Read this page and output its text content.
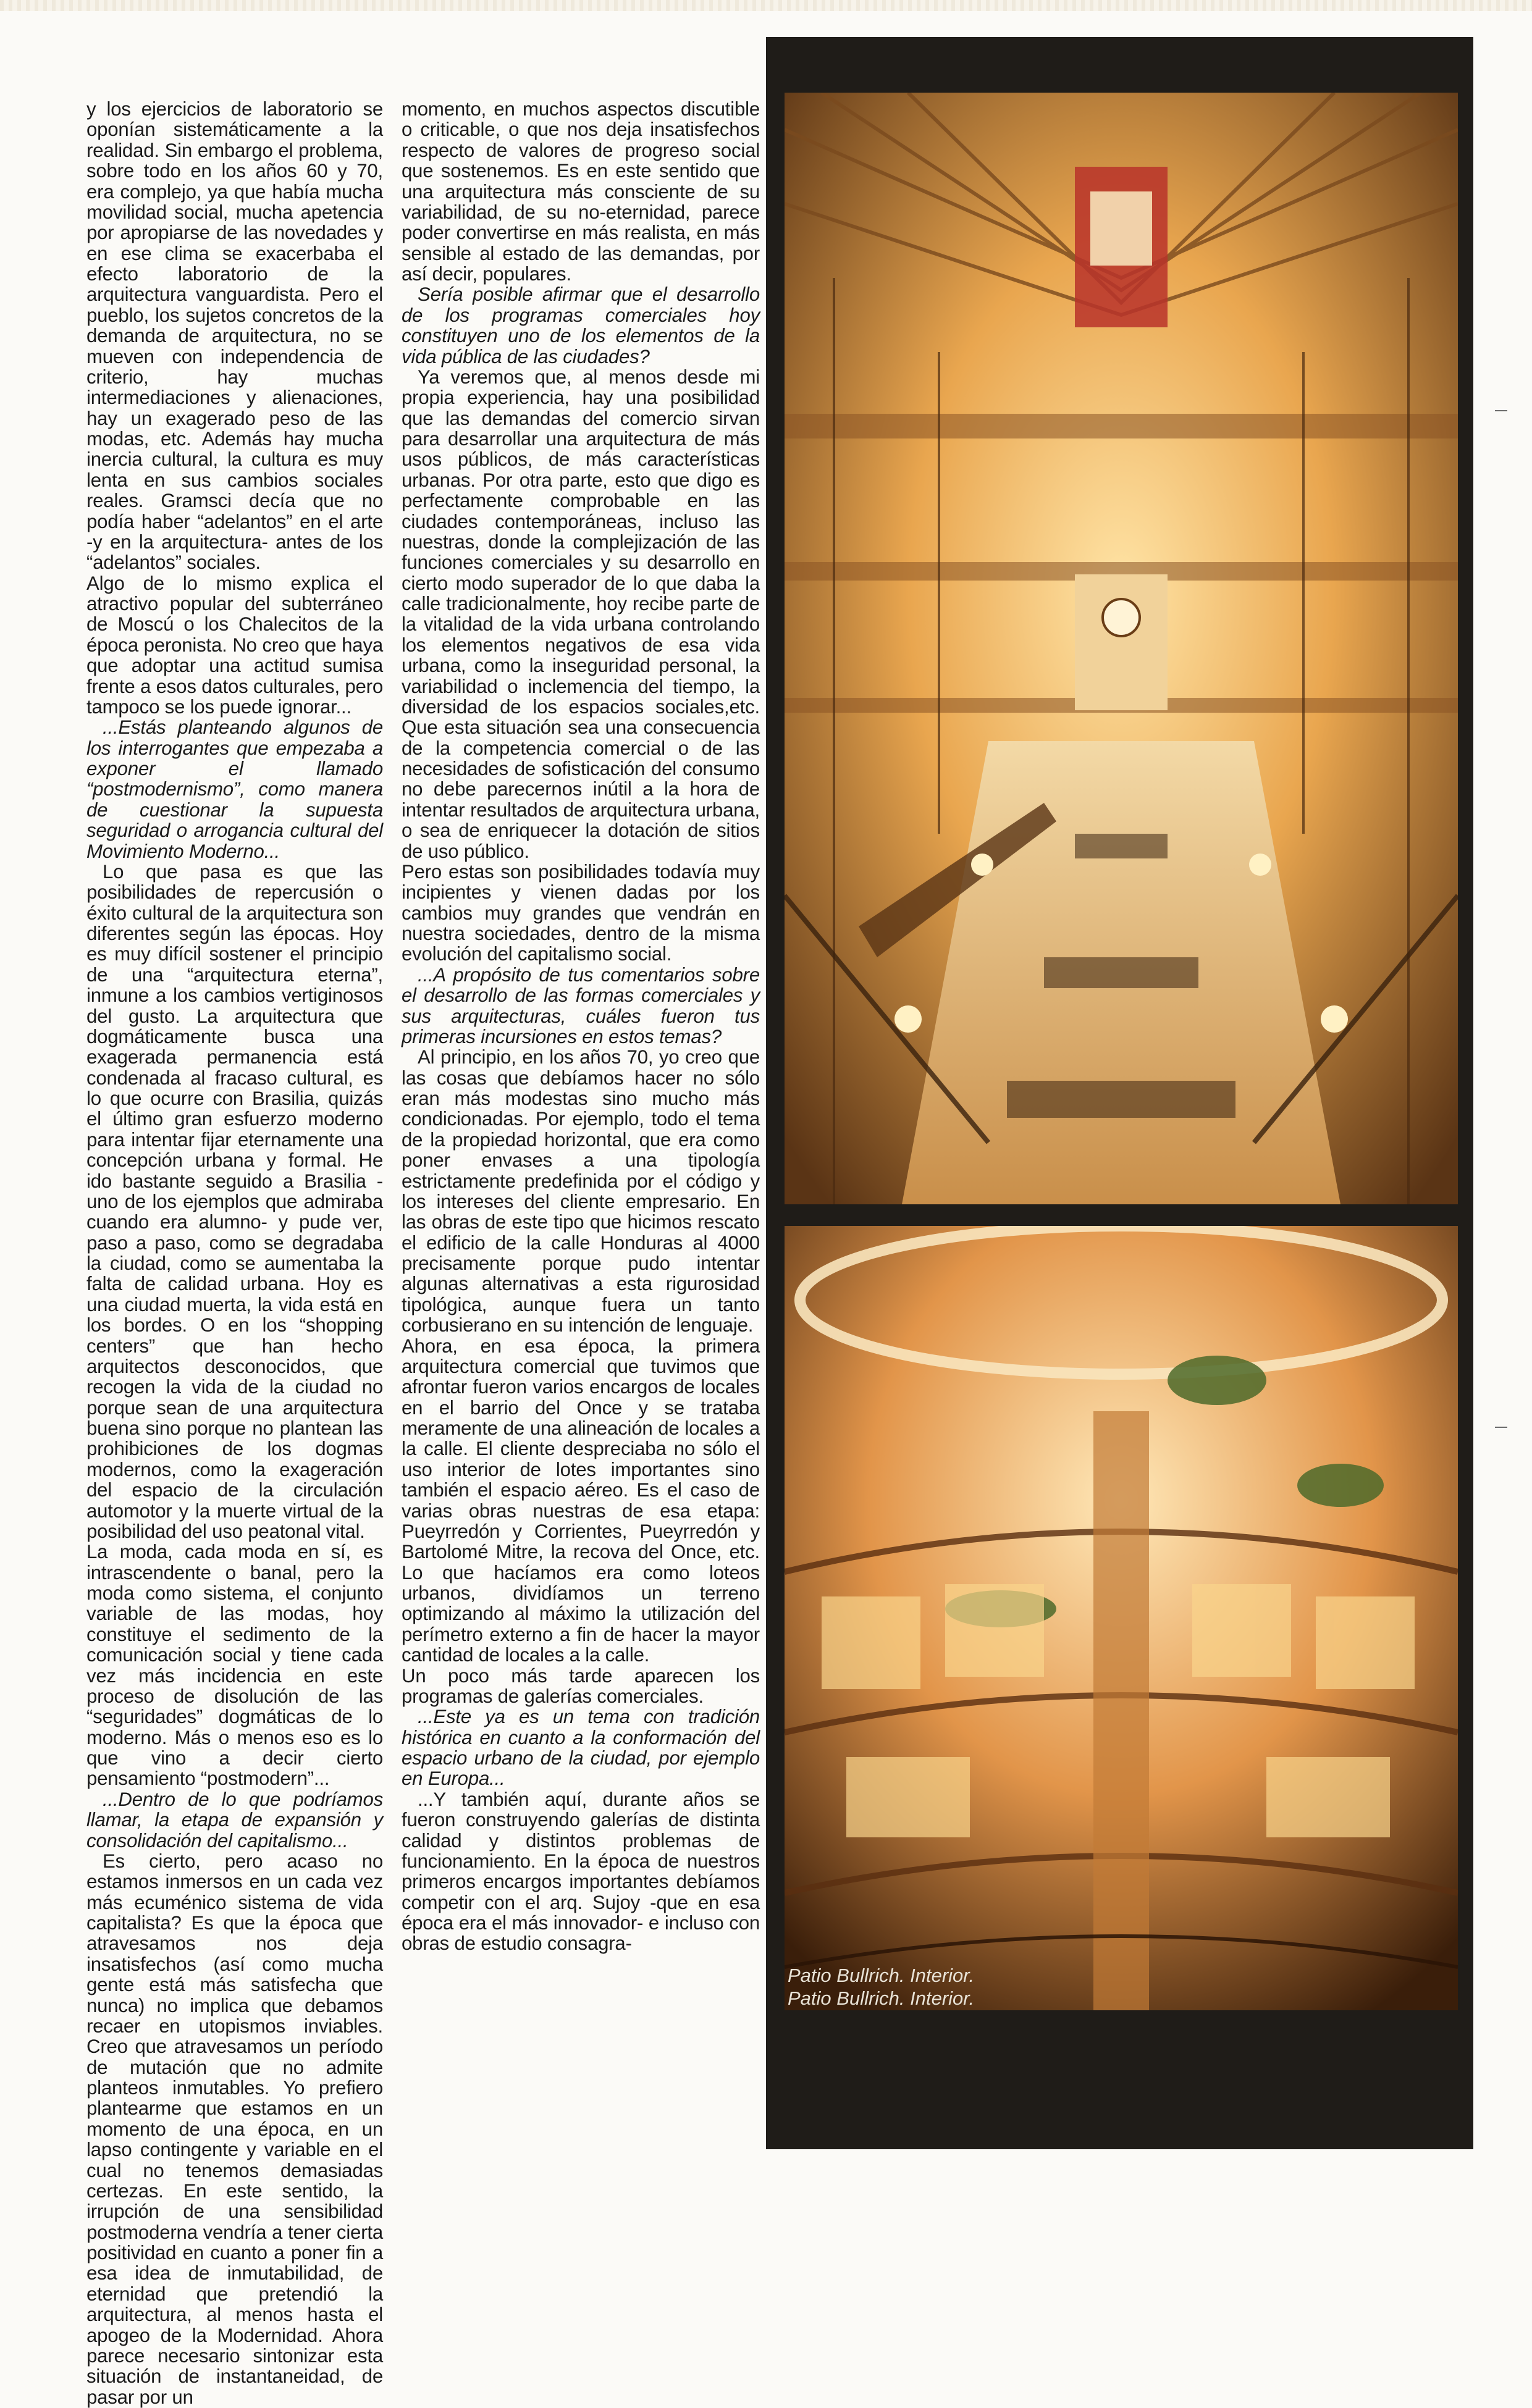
y los ejercicios de laboratorio se oponían sistemáticamente a la realidad. Sin embargo el problema, sobre todo en los años 60 y 70, era complejo, ya que había mucha movilidad social, mucha apetencia por apropiarse de las novedades y en ese clima se exacerbaba el efecto laboratorio de la arquitectura vanguardista. Pero el pueblo, los sujetos concretos de la demanda de arquitectura, no se mueven con independencia de criterio, hay muchas intermediaciones y alienaciones, hay un exagerado peso de las modas, etc. Además hay mucha inercia cultural, la cultura es muy lenta en sus cambios sociales reales. Gramsci decía que no podía haber “adelantos” en el arte -y en la arquitectura- antes de los “adelantos” sociales.

Algo de lo mismo explica el atractivo popular del subterráneo de Moscú o los Chalecitos de la época peronista. No creo que haya que adoptar una actitud sumisa frente a esos datos culturales, pero tampoco se los puede ignorar...

...Estás planteando algunos de los interrogantes que empezaba a exponer el llamado “postmodernismo”, como manera de cuestionar la supuesta seguridad o arrogancia cultural del Movimiento Moderno...

Lo que pasa es que las posibilidades de repercusión o éxito cultural de la arquitectura son diferentes según las épocas. Hoy es muy difícil sostener el principio de una “arquitectura eterna”, inmune a los cambios vertiginosos del gusto. La arquitectura que dogmáticamente busca una exagerada permanencia está condenada al fracaso cultural, es lo que ocurre con Brasilia, quizás el último gran esfuerzo moderno para intentar fijar eternamente una concepción urbana y formal. He ido bastante seguido a Brasilia -uno de los ejemplos que admiraba cuando era alumno- y pude ver, paso a paso, como se degradaba la ciudad, como se aumentaba la falta de calidad urbana. Hoy es una ciudad muerta, la vida está en los bordes. O en los “shopping centers” que han hecho arquitectos desconocidos, que recogen la vida de la ciudad no porque sean de una arquitectura buena sino porque no plantean las prohibiciones de los dogmas modernos, como la exageración del espacio de la circulación automotor y la muerte virtual de la posibilidad del uso peatonal vital.

La moda, cada moda en sí, es intrascendente o banal, pero la moda como sistema, el conjunto variable de las modas, hoy constituye el sedimento de la comunicación social y tiene cada vez más incidencia en este proceso de disolución de las “seguridades” dogmáticas de lo moderno. Más o menos eso es lo que vino a decir cierto pensamiento “postmodern”...

...Dentro de lo que podríamos llamar, la etapa de expansión y consolidación del capitalismo...

Es cierto, pero acaso no estamos inmersos en un cada vez más ecuménico sistema de vida capitalista? Es que la época que atravesamos nos deja insatisfechos (así como mucha gente está más satisfecha que nunca) no implica que debamos recaer en utopismos inviables. Creo que atravesamos un período de mutación que no admite planteos inmutables. Yo prefiero plantearme que estamos en un momento de una época, en un lapso contingente y variable en el cual no tenemos demasiadas certezas. En este sentido, la irrupción de una sensibilidad postmoderna vendría a tener cierta positividad en cuanto a poner fin a esa idea de inmutabilidad, de eternidad que pretendió la arquitectura, al menos hasta el apogeo de la Modernidad. Ahora parece necesario sintonizar esta situación de instantaneidad, de pasar por un

momento, en muchos aspectos discutible o criticable, o que nos deja insatisfechos respecto de valores de progreso social que sostenemos. Es en este sentido que una arquitectura más consciente de su variabilidad, de su no-eternidad, parece poder convertirse en más realista, en más sensible al estado de las demandas, por así decir, populares.

Sería posible afirmar que el desarrollo de los programas comerciales hoy constituyen uno de los elementos de la vida pública de las ciudades?

Ya veremos que, al menos desde mi propia experiencia, hay una posibilidad que las demandas del comercio sirvan para desarrollar una arquitectura de más usos públicos, de más características urbanas. Por otra parte, esto que digo es perfectamente comprobable en las ciudades contemporáneas, incluso las nuestras, donde la complejización de las funciones comerciales y su desarrollo en cierto modo superador de lo que daba la calle tradicionalmente, hoy recibe parte de la vitalidad de la vida urbana controlando los elementos negativos de esa vida urbana, como la inseguridad personal, la variabilidad o inclemencia del tiempo, la diversidad de los espacios sociales,etc. Que esta situación sea una consecuencia de la competencia comercial o de las necesidades de sofisticación del consumo no debe parecernos inútil a la hora de intentar resultados de arquitectura urbana, o sea de enriquecer la dotación de sitios de uso público.

Pero estas son posibilidades todavía muy incipientes y vienen dadas por los cambios muy grandes que vendrán en nuestra sociedades, dentro de la misma evolución del capitalismo social.

...A propósito de tus comentarios sobre el desarrollo de las formas comerciales y sus arquitecturas, cuáles fueron tus primeras incursiones en estos temas?

Al principio, en los años 70, yo creo que las cosas que debíamos hacer no sólo eran más modestas sino mucho más condicionadas. Por ejemplo, todo el tema de la propiedad horizontal, que era como poner envases a una tipología estrictamente predefinida por el código y los intereses del cliente empresario. En las obras de este tipo que hicimos rescato el edificio de la calle Honduras al 4000 precisamente porque pudo intentar algunas alternativas a esta rigurosidad tipológica, aunque fuera un tanto corbusierano en su intención de lenguaje.

Ahora, en esa época, la primera arquitectura comercial que tuvimos que afrontar fueron varios encargos de locales en el barrio del Once y se trataba meramente de una alineación de locales a la calle. El cliente despreciaba no sólo el uso interior de lotes importantes sino también el espacio aéreo. Es el caso de varias obras nuestras de esa etapa: Pueyrredón y Corrientes, Pueyrredón y Bartolomé Mitre, la recova del Once, etc. Lo que hacíamos era como loteos urbanos, dividíamos un terreno optimizando al máximo la utilización del perímetro externo a fin de hacer la mayor cantidad de locales a la calle.

Un poco más tarde aparecen los programas de galerías comerciales.

...Este ya es un tema con tradición histórica en cuanto a la conformación del espacio urbano de la ciudad, por ejemplo en Europa...

...Y también aquí, durante años se fueron construyendo galerías de distinta calidad y distintos problemas de funcionamiento. En la época de nuestros primeros encargos importantes debíamos competir con el arq. Sujoy -que en esa época era el más innovador- e incluso con obras de estudio consagra-

Patio Bullrich. Interior.
Patio Bullrich. Interior.
